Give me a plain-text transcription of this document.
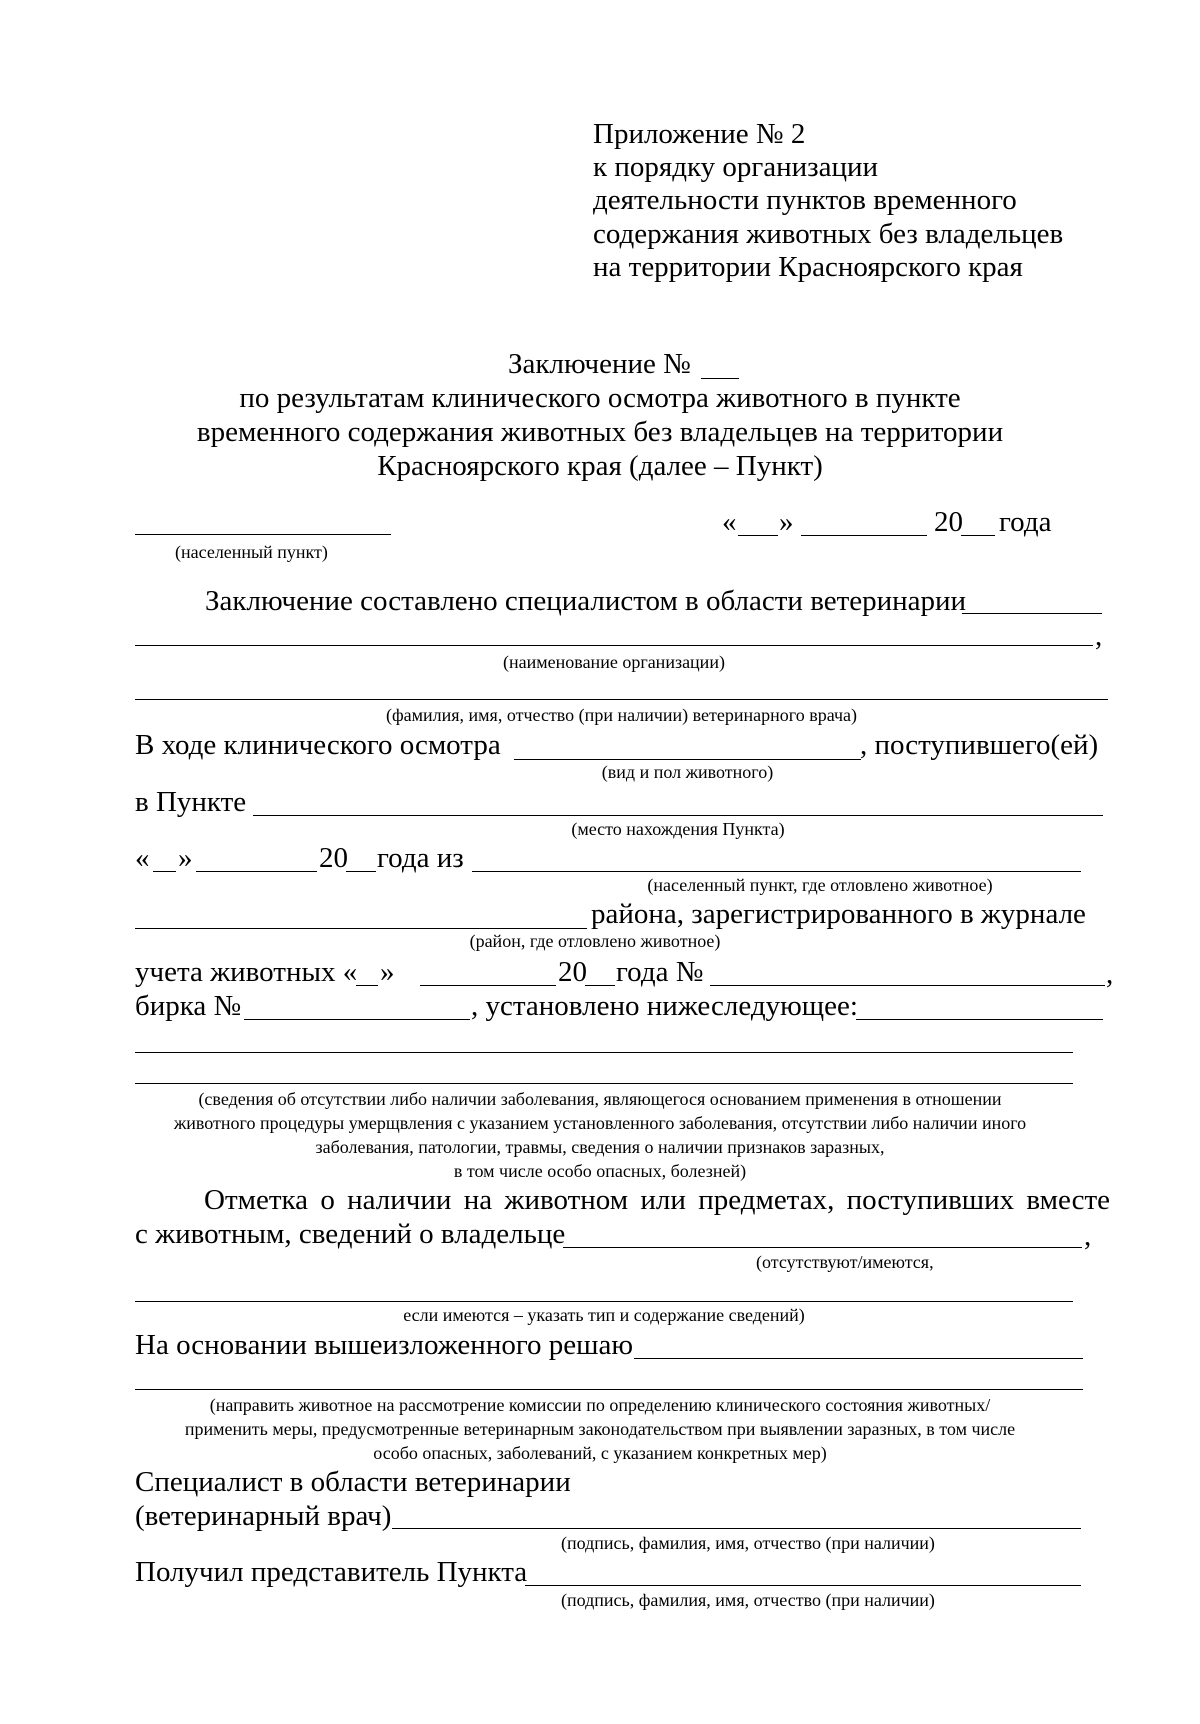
Приложение № 2
к порядку организации
деятельности пунктов временного
содержания животных без владельцев
на территории Красноярского края
Заключение №
по результатам клинического осмотра животного в пункте
временного содержания животных без владельцев на территории
Красноярского края (далее – Пункт)
(населенный пункт)
« »	20 года
Заключение составлено специалистом в области ветеринарии
,
(наименование организации)
(фамилия, имя, отчество (при наличии) ветеринарного врача)
В ходе клинического осмотра	, поступившего(ей)
(вид и пол животного)
в Пункте
(место нахождения Пункта)
« »	20 года из
(населенный пункт, где отловлено животное)
района, зарегистрированного в журнале
(район, где отловлено животное)
учета животных « »	20 года №	,
бирка №	, установлено нижеследующее:
(сведения об отсутствии либо наличии заболевания, являющегося основанием применения в отношении
животного процедуры умерщвления с указанием установленного заболевания, отсутствии либо наличии иного
заболевания, патологии, травмы, сведения о наличии признаков заразных,
в том числе особо опасных, болезней)
Отметка о наличии на животном или предметах, поступивших вместе
с животным, сведений о владельце	,
(отсутствуют/имеются,
если имеются – указать тип и содержание сведений)
На основании вышеизложенного решаю
(направить животное на рассмотрение комиссии по определению клинического состояния животных/
применить меры, предусмотренные ветеринарным законодательством при выявлении заразных, в том числе
особо опасных, заболеваний, с указанием конкретных мер)
Специалист в области ветеринарии
(ветеринарный врач)
(подпись, фамилия, имя, отчество (при наличии)
Получил представитель Пункта
(подпись, фамилия, имя, отчество (при наличии)
